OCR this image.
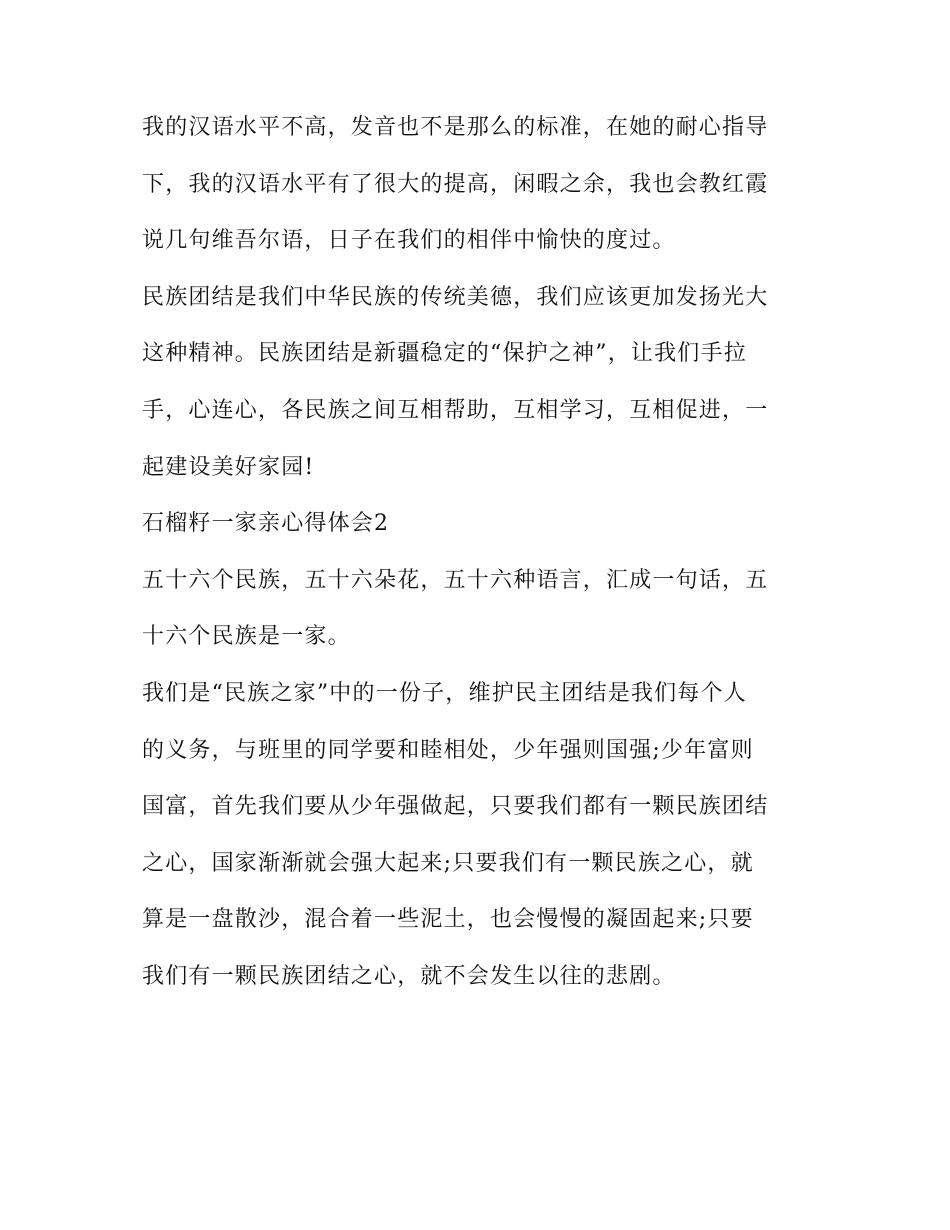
我的汉语水平不高，发音也不是那么的标准，在她的耐心指导
下，我的汉语水平有了很大的提高，闲暇之余，我也会教红霞
说几句维吾尔语，日子在我们的相伴中愉快的度过。

民族团结是我们中华民族的传统美德，我们应该更加发扬光大
这种精神。民族团结是新疆稳定的“保护之神”，让我们手拉
手，心连心，各民族之间互相帮助，互相学习，互相促进，一
起建设美好家园!

石榴籽一家亲心得体会2

五十六个民族，五十六朵花，五十六种语言，汇成一句话，五
十六个民族是一家。

我们是“民族之家”中的一份子，维护民主团结是我们每个人
的义务，与班里的同学要和睦相处，少年强则国强;少年富则
国富，首先我们要从少年强做起，只要我们都有一颗民族团结
之心，国家渐渐就会强大起来;只要我们有一颗民族之心，就
算是一盘散沙，混合着一些泥土，也会慢慢的凝固起来;只要
我们有一颗民族团结之心，就不会发生以往的悲剧。
